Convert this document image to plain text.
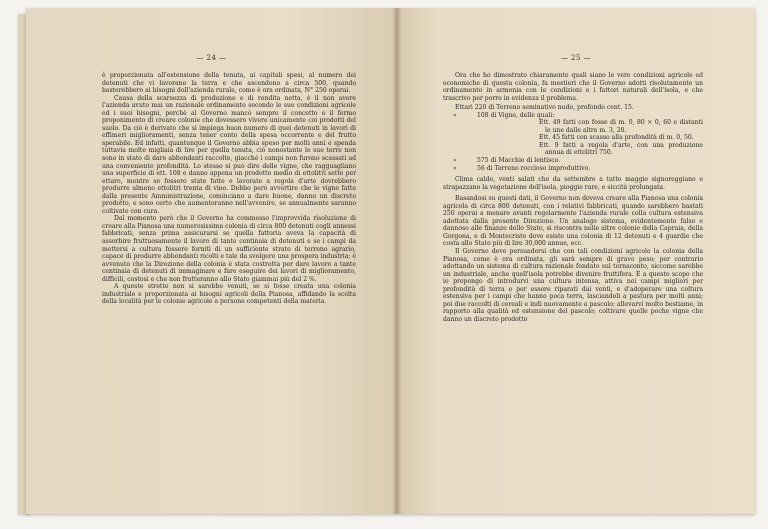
— 24 —

è proporzionata all'estensione della tenuta, ai capitali spesi, al numero dei detenuti che vi lavorano la terra e che ascendono a circa 500, quando basterebbero ai bisogni dell'azienda rurale, come è ora ordinata, N° 250 operai.

Causa della scarsezza di produzione e di rendita netta, è il non avere l'azienda avuto mai un razionale ordinamento secondo le sue condizioni agricole ed i suoi bisogni, perchè al Governo mancò sempre il concetto e il fermo proponimento di creare colonie che dovessero vivere unicamente coi prodotti del suolo. Da ciò è derivato che si impiega buon numero di quei detenuti in lavori di effimeri miglioramenti, senza tener conto della spesa occorrente e del frutto sperabile. Ed infatti, quantunque il Governo abbia speso per molti anni e spenda tuttavia molte migliaia di lire per quella tenuta, ciò nonostante le sue terre non sono in stato di dare abbondanti raccolte, giacchè i campi non furono scassati ad una conveniente profondità. Lo stesso si può dire delle vigne, che ragguagliano una superficie di ett. 108 e danno appena un prodotto medio di ettolitri sette per ettaro, mentre se fossero state fatte e lavorate a regola d'arte dovrebbero produrre almeno ettolitri trenta di vino. Debbo però avvertire che le vigne fatte dalla presente Amministrazione, cominciano a dare buone, danno un discreto prodotto, e sono certo che aumenteranno nell'avvenire, se annualmente saranno coltivate con cura.

Dal momento però che il Governo ha commesso l'improvvida risoluzione di creare alla Pianosa una numerosissima colonia di circa 800 detenuti cogli annessi fabbricati, senza prima assicurarsi se quella fattoria aveva la capacità di assorbire fruttuosamente il lavoro di tante centinaia di detenuti e se i campi da mettersi a cultura fossero forniti di un sufficiente strato di terreno agrario, capace di produrre abbondanti ricolti e tale da svolgere una prospera industria; è avvenuto che la Direzione della colonia è stata costretta per dare lavoro a tante centinaia di detenuti di immaginare e fare eseguire dei lavori di miglioramento, difficili, costosi e che non frutteranno allo Stato giammai più del 2 %.

A queste strette non si sarebbe venuti, se si fosse creata una colonia industriale e proporzionata ai bisogni agricoli della Pianosa, affidando la scelta della località per le colonie agricole a persone competenti della materia.

— 25 —

Ora che ho dimostrato chiaramente quali siano le vere condizioni agricole ed economiche di questa colonia, fa mestieri che il Governo adotti risolutamente un ordinamento in armonia con le condizioni e i fattori naturali dell'isola, e che trascrivo per porre in evidenza il problema.

Ettari 220 di Terreno seminativo nudo, profondo cent. 15.

»	108 di Vigne, delle quali:
Ett. 49 fatti con fosse di m. 0, 80 × 0, 60 e distanti le une dalle altre m. 3, 20.
Ett. 45 fatti con scasso alla profondità di m. 0, 50.
Ett. 9 fatti a regola d'arte, con una produzione annua di ettolitri 750.
»	575 di Macchie di lentisco.
»	56 di Terreno roccioso improduttivo.

Clima caldo, venti salati che da settembre a tutto maggio signoreggiano e strapazzano la vegetazione dell'isola, pioggie rare, e siccità prolungata.

Basandosi su questi dati, il Governo non doveva creare alla Pianosa una colonia agricola di circa 800 detenuti, con i relativi fabbricati, quando sarebbero bastati 250 operai a menare avanti regolarmente l'azienda rurale colla cultura estensiva adottata dalla presente Direzione. Un analogo sistema, evidentemente falso e dannoso alle finanze dello Stato, si riscontra nelle altre colonie della Capraia, della Gorgona, e di Montecristo dove esiste una colonia di 12 detenuti e 4 guardie che costa allo Stato più di lire 30,000 annue, ecc.

Il Governo deve persuadersi che con tali condizioni agricole la colonia della Pianosa, come è ora ordinata, gli sarà sempre di grave peso; per contrario adottando un sistema di cultura razionale fondato sul tornaconto, siccome sarebbe un industriale, anche quell'isola potrebbe divenire fruttifera. È a questo scopo che io propongo di introdurvi una cultura intensa, attiva nei campi migliori per profondità di terra e per essere riparati dai venti, e d'adoperare una coltura estensiva per i campi che hanno poca terra, lasciandoli a pastura per molti anni; poi due raccolti di cereali e indi nuovamente a pascolo; allevarvi molto bestiame, in rapporto alla qualità ed estensione del pascolo; coltivare quelle poche vigne che danno un discreto prodotto
